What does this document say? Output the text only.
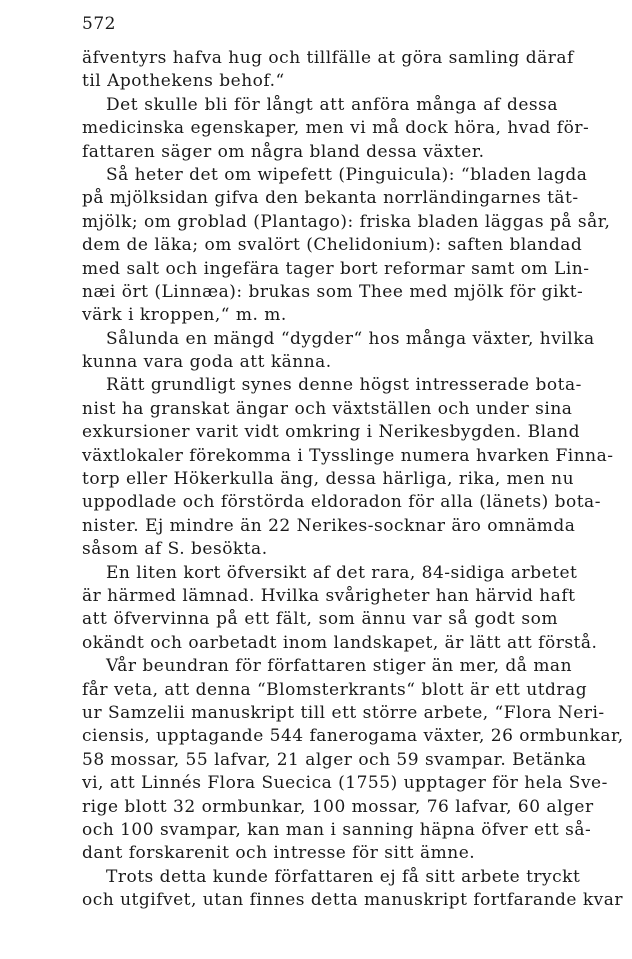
572
äfventyrs hafva hug och tillfälle at göra samling däraf
til Apothekens behof.“
Det skulle bli för långt att anföra många af dessa
medicinska egenskaper, men vi må dock höra, hvad för-
fattaren säger om några bland dessa växter.
Så heter det om wipefett (Pinguicula): “bladen lagda
på mjölksidan gifva den bekanta norrländingarnes tät-
mjölk; om groblad (Plantago): friska bladen läggas på sår,
dem de läka; om svalört (Chelidonium): saften blandad
med salt och ingefära tager bort reformar samt om Lin-
næi ört (Linnæa): brukas som Thee med mjölk för gikt-
värk i kroppen,“ m. m.
Sålunda en mängd “dygder“ hos många växter, hvilka
kunna vara goda att känna.
Rätt grundligt synes denne högst intresserade bota-
nist ha granskat ängar och växtställen och under sina
exkursioner varit vidt omkring i Nerikesbygden. Bland
växtlokaler förekomma i Tysslinge numera hvarken Finna-
torp eller Hökerkulla äng, dessa härliga, rika, men nu
uppodlade och förstörda eldoradon för alla (länets) bota-
nister. Ej mindre än 22 Nerikes-socknar äro omnämda
såsom af S. besökta.
En liten kort öfversikt af det rara, 84-sidiga arbetet
är härmed lämnad. Hvilka svårigheter han härvid haft
att öfvervinna på ett fält, som ännu var så godt som
okändt och oarbetadt inom landskapet, är lätt att förstå.
Vår beundran för författaren stiger än mer, då man
får veta, att denna “Blomsterkrants“ blott är ett utdrag
ur Samzelii manuskript till ett större arbete, “Flora Neri-
ciensis, upptagande 544 fanerogama växter, 26 ormbunkar,
58 mossar, 55 lafvar, 21 alger och 59 svampar. Betänka
vi, att Linnés Flora Suecica (1755) upptager för hela Sve-
rige blott 32 ormbunkar, 100 mossar, 76 lafvar, 60 alger
och 100 svampar, kan man i sanning häpna öfver ett så-
dant forskarenit och intresse för sitt ämne.
Trots detta kunde författaren ej få sitt arbete tryckt
och utgifvet, utan finnes detta manuskript fortfarande kvar
